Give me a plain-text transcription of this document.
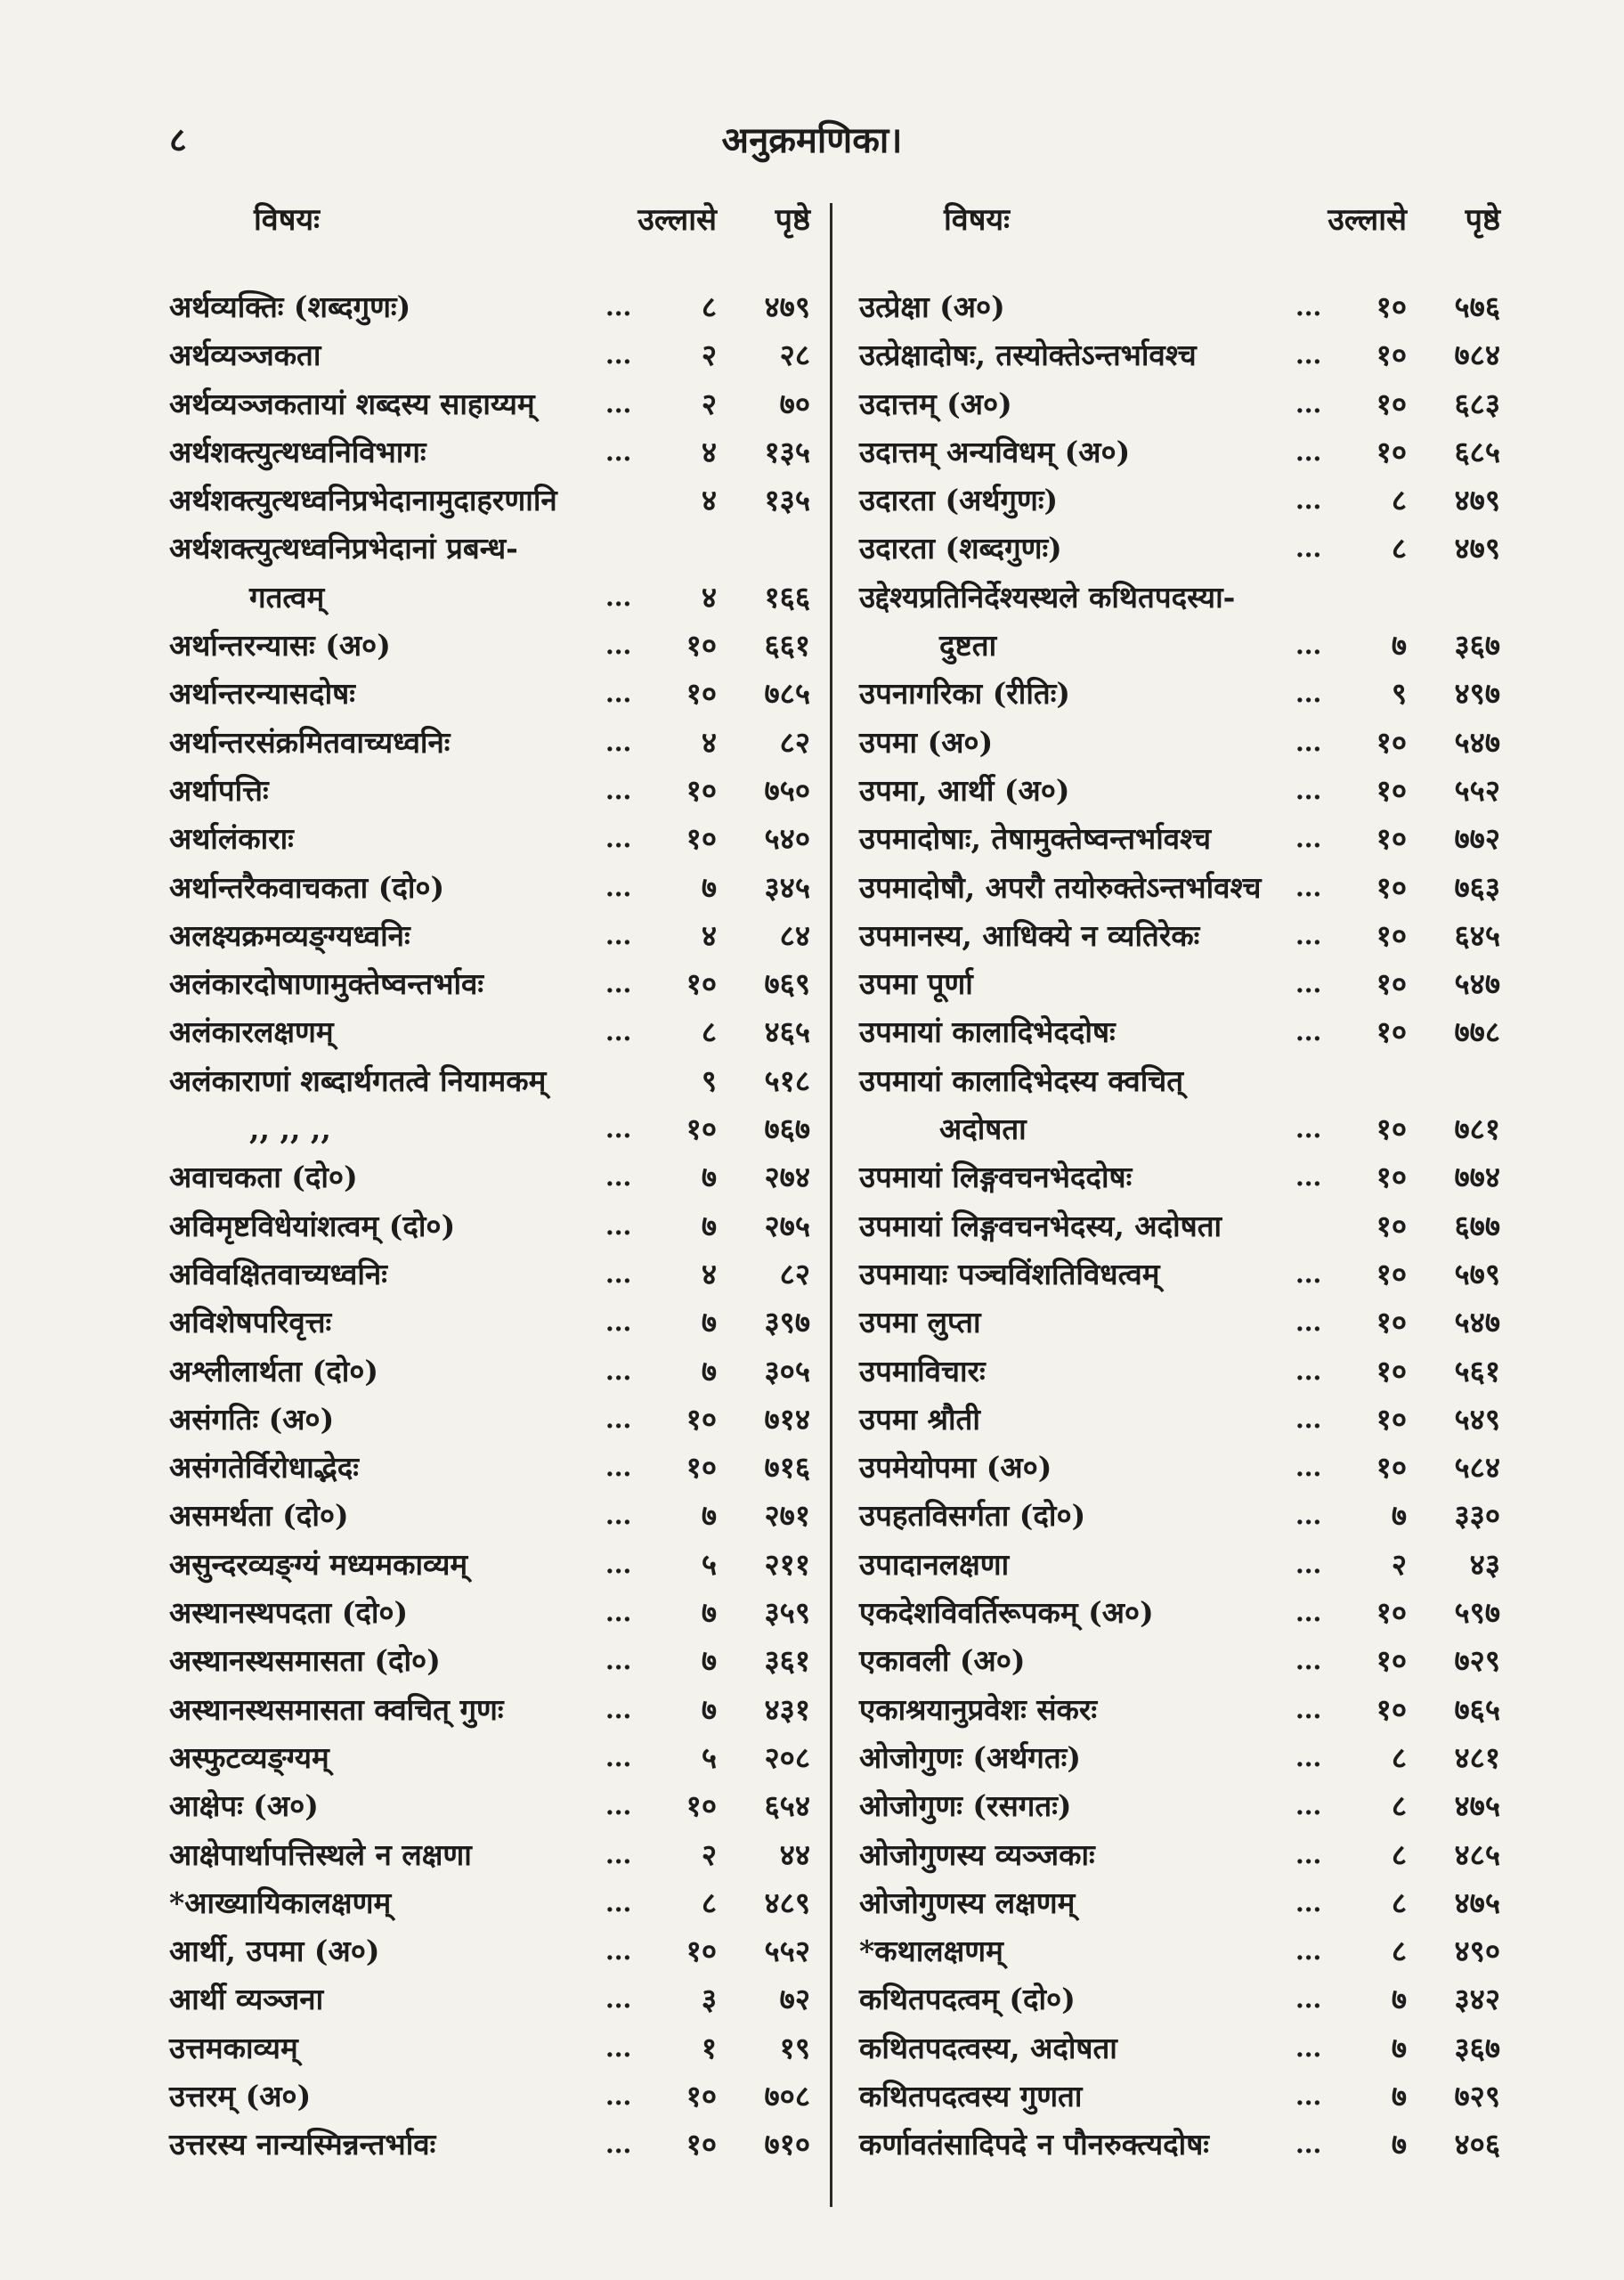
८	अनुक्रमणिका।
विषयः	उल्लासे	पृष्ठे
अर्थव्यक्तिः (शब्दगुणः)	...	८	४७९
अर्थव्यञ्जकता	...	२	२८
अर्थव्यञ्जकतायां शब्दस्य साहाय्यम्	...	२	७०
अर्थशक्त्युत्थध्वनिविभागः	...	४	१३५
अर्थशक्त्युत्थध्वनिप्रभेदानामुदाहरणानि	४	१३५
अर्थशक्त्युत्थध्वनिप्रभेदानां प्रबन्ध-
गतत्वम्	...	४	१६६
अर्थान्तरन्यासः (अ०)	...	१०	६६१
अर्थान्तरन्यासदोषः	...	१०	७८५
अर्थान्तरसंक्रमितवाच्यध्वनिः	...	४	८२
अर्थापत्तिः	...	१०	७५०
अर्थालंकाराः	...	१०	५४०
अर्थान्तरैकवाचकता (दो०)	...	७	३४५
अलक्ष्यक्रमव्यङ्ग्यध्वनिः	...	४	८४
अलंकारदोषाणामुक्तेष्वन्तर्भावः	...	१०	७६९
अलंकारलक्षणम्	...	८	४६५
अलंकाराणां शब्दार्थगतत्वे नियामकम्	९	५१८
,, ,, ,,	...	१०	७६७
अवाचकता (दो०)	...	७	२७४
अविमृष्टविधेयांशत्वम् (दो०)	...	७	२७५
अविवक्षितवाच्यध्वनिः	...	४	८२
अविशेषपरिवृत्तः	...	७	३९७
अश्लीलार्थता (दो०)	...	७	३०५
असंगतिः (अ०)	...	१०	७१४
असंगतेर्विरोधाद्भेदः	...	१०	७१६
असमर्थता (दो०)	...	७	२७१
असुन्दरव्यङ्ग्यं मध्यमकाव्यम्	...	५	२११
अस्थानस्थपदता (दो०)	...	७	३५९
अस्थानस्थसमासता (दो०)	...	७	३६१
अस्थानस्थसमासता क्वचित् गुणः	...	७	४३१
अस्फुटव्यङ्ग्यम्	...	५	२०८
आक्षेपः (अ०)	...	१०	६५४
आक्षेपार्थापत्तिस्थले न लक्षणा	...	२	४४
*आख्यायिकालक्षणम्	...	८	४८९
आर्थी, उपमा (अ०)	...	१०	५५२
आर्थी व्यञ्जना	...	३	७२
उत्तमकाव्यम्	...	१	१९
उत्तरम् (अ०)	...	१०	७०८
उत्तरस्य नान्यस्मिन्नन्तर्भावः	...	१०	७१०
विषयः	उल्लासे	पृष्ठे
उत्प्रेक्षा (अ०)	...	१०	५७६
उत्प्रेक्षादोषः, तस्योक्तेऽन्तर्भावश्च	...	१०	७८४
उदात्तम् (अ०)	...	१०	६८३
उदात्तम् अन्यविधम् (अ०)	...	१०	६८५
उदारता (अर्थगुणः)	...	८	४७९
उदारता (शब्दगुणः)	...	८	४७९
उद्देश्यप्रतिनिर्देश्यस्थले कथितपदस्या-
दुष्टता	...	७	३६७
उपनागरिका (रीतिः)	...	९	४९७
उपमा (अ०)	...	१०	५४७
उपमा, आर्थी (अ०)	...	१०	५५२
उपमादोषाः, तेषामुक्तेष्वन्तर्भावश्च	...	१०	७७२
उपमादोषौ, अपरौ तयोरुक्तेऽन्तर्भावश्च ...	१०	७६३
उपमानस्य, आधिक्ये न व्यतिरेकः	...	१०	६४५
उपमा पूर्णा	...	१०	५४७
उपमायां कालादिभेददोषः	...	१०	७७८
उपमायां कालादिभेदस्य क्वचित्
अदोषता	...	१०	७८१
उपमायां लिङ्गवचनभेददोषः	...	१०	७७४
उपमायां लिङ्गवचनभेदस्य, अदोषता	१०	६७७
उपमायाः पञ्चविंशतिविधत्वम्	...	१०	५७९
उपमा लुप्ता	...	१०	५४७
उपमाविचारः	...	१०	५६१
उपमा श्रौती	...	१०	५४९
उपमेयोपमा (अ०)	...	१०	५८४
उपहतविसर्गता (दो०)	...	७	३३०
उपादानलक्षणा	...	२	४३
एकदेशविवर्तिरूपकम् (अ०)	...	१०	५९७
एकावली (अ०)	...	१०	७२९
एकाश्रयानुप्रवेशः संकरः	...	१०	७६५
ओजोगुणः (अर्थगतः)	...	८	४८१
ओजोगुणः (रसगतः)	...	८	४७५
ओजोगुणस्य व्यञ्जकाः	...	८	४८५
ओजोगुणस्य लक्षणम्	...	८	४७५
*कथालक्षणम्	...	८	४९०
कथितपदत्वम् (दो०)	...	७	३४२
कथितपदत्वस्य, अदोषता	...	७	३६७
कथितपदत्वस्य गुणता	...	७	७२९
कर्णावतंसादिपदे न पौनरुक्त्यदोषः	...	७	४०६
